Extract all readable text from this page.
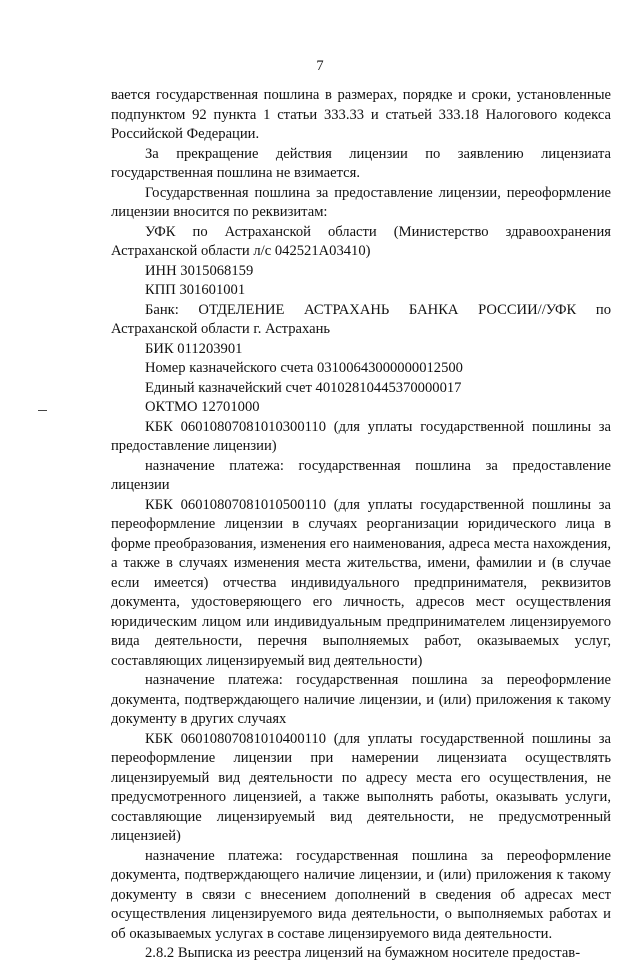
7

вается государственная пошлина в размерах, порядке и сроки, установленные подпунктом 92 пункта 1 статьи 333.33 и статьей 333.18 Налогового кодекса Российской Федерации.

За прекращение действия лицензии по заявлению лицензиата государственная пошлина не взимается.

Государственная пошлина за предоставление лицензии, переоформление лицензии вносится по реквизитам:

УФК по Астраханской области (Министерство здравоохранения Астраханской области л/с 042521А03410)

ИНН 3015068159

КПП 301601001

Банк: ОТДЕЛЕНИЕ АСТРАХАНЬ БАНКА РОССИИ//УФК по Астраханской области г. Астрахань

БИК 011203901

Номер казначейского счета 03100643000000012500

Единый казначейский счет 40102810445370000017

ОКТМО 12701000

КБК 06010807081010300110 (для уплаты государственной пошлины за предоставление лицензии)

назначение платежа: государственная пошлина за предоставление лицензии

КБК 06010807081010500110 (для уплаты государственной пошлины за переоформление лицензии в случаях реорганизации юридического лица в форме преобразования, изменения его наименования, адреса места нахождения, а также в случаях изменения места жительства, имени, фамилии и (в случае если имеется) отчества индивидуального предпринимателя, реквизитов документа, удостоверяющего его личность, адресов мест осуществления юридическим лицом или индивидуальным предпринимателем лицензируемого вида деятельности, перечня выполняемых работ, оказываемых услуг, составляющих лицензируемый вид деятельности)

назначение платежа: государственная пошлина за переоформление документа, подтверждающего наличие лицензии, и (или) приложения к такому документу в других случаях

КБК 06010807081010400110 (для уплаты государственной пошлины за переоформление лицензии при намерении лицензиата осуществлять лицензируемый вид деятельности по адресу места его осуществления, не предусмотренного лицензией, а также выполнять работы, оказывать услуги, составляющие лицензируемый вид деятельности, не предусмотренный лицензией)

назначение платежа: государственная пошлина за переоформление документа, подтверждающего наличие лицензии, и (или) приложения к такому документу в связи с внесением дополнений в сведения об адресах мест осуществления лицензируемого вида деятельности, о выполняемых работах и об оказываемых услугах в составе лицензируемого вида деятельности.

2.8.2 Выписка из реестра лицензий на бумажном носителе предостав-
